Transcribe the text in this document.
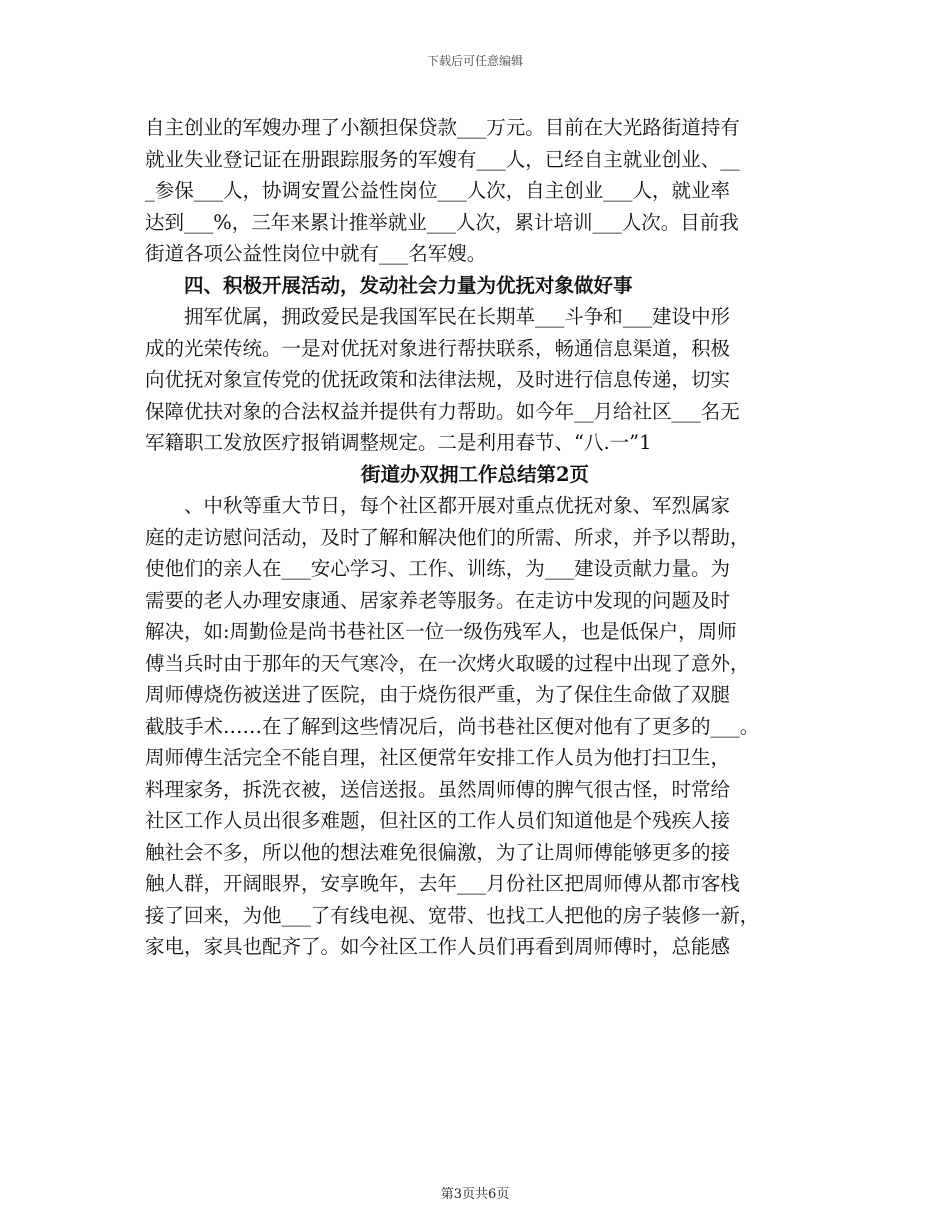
下载后可任意编辑
自主创业的军嫂办理了小额担保贷款___万元。目前在大光路街道持有
就业失业登记证在册跟踪服务的军嫂有___人，已经自主就业创业、__
_参保___人，协调安置公益性岗位___人次，自主创业___人，就业率
达到___%，三年来累计推举就业___人次，累计培训___人次。目前我
街道各项公益性岗位中就有___名军嫂。
四、积极开展活动，发动社会力量为优抚对象做好事
拥军优属，拥政爱民是我国军民在长期革___斗争和___建设中形
成的光荣传统。一是对优抚对象进行帮扶联系，畅通信息渠道，积极
向优抚对象宣传党的优抚政策和法律法规，及时进行信息传递，切实
保障优扶对象的合法权益并提供有力帮助。如今年__月给社区___名无
军籍职工发放医疗报销调整规定。二是利用春节、“八.一”1
街道办双拥工作总结第2页
、中秋等重大节日，每个社区都开展对重点优抚对象、军烈属家
庭的走访慰问活动，及时了解和解决他们的所需、所求，并予以帮助，
使他们的亲人在___安心学习、工作、训练，为___建设贡献力量。为
需要的老人办理安康通、居家养老等服务。在走访中发现的问题及时
解决，如:周勤俭是尚书巷社区一位一级伤残军人，也是低保户，周师
傅当兵时由于那年的天气寒冷，在一次烤火取暖的过程中出现了意外，
周师傅烧伤被送进了医院，由于烧伤很严重，为了保住生命做了双腿
截肢手术……在了解到这些情况后，尚书巷社区便对他有了更多的___。
周师傅生活完全不能自理，社区便常年安排工作人员为他打扫卫生，
料理家务，拆洗衣被，送信送报。虽然周师傅的脾气很古怪，时常给
社区工作人员出很多难题，但社区的工作人员们知道他是个残疾人接
触社会不多，所以他的想法难免很偏激，为了让周师傅能够更多的接
触人群，开阔眼界，安享晚年，去年___月份社区把周师傅从都市客栈
接了回来，为他___了有线电视、宽带、也找工人把他的房子装修一新，
家电，家具也配齐了。如今社区工作人员们再看到周师傅时，总能感
第3页共6页
